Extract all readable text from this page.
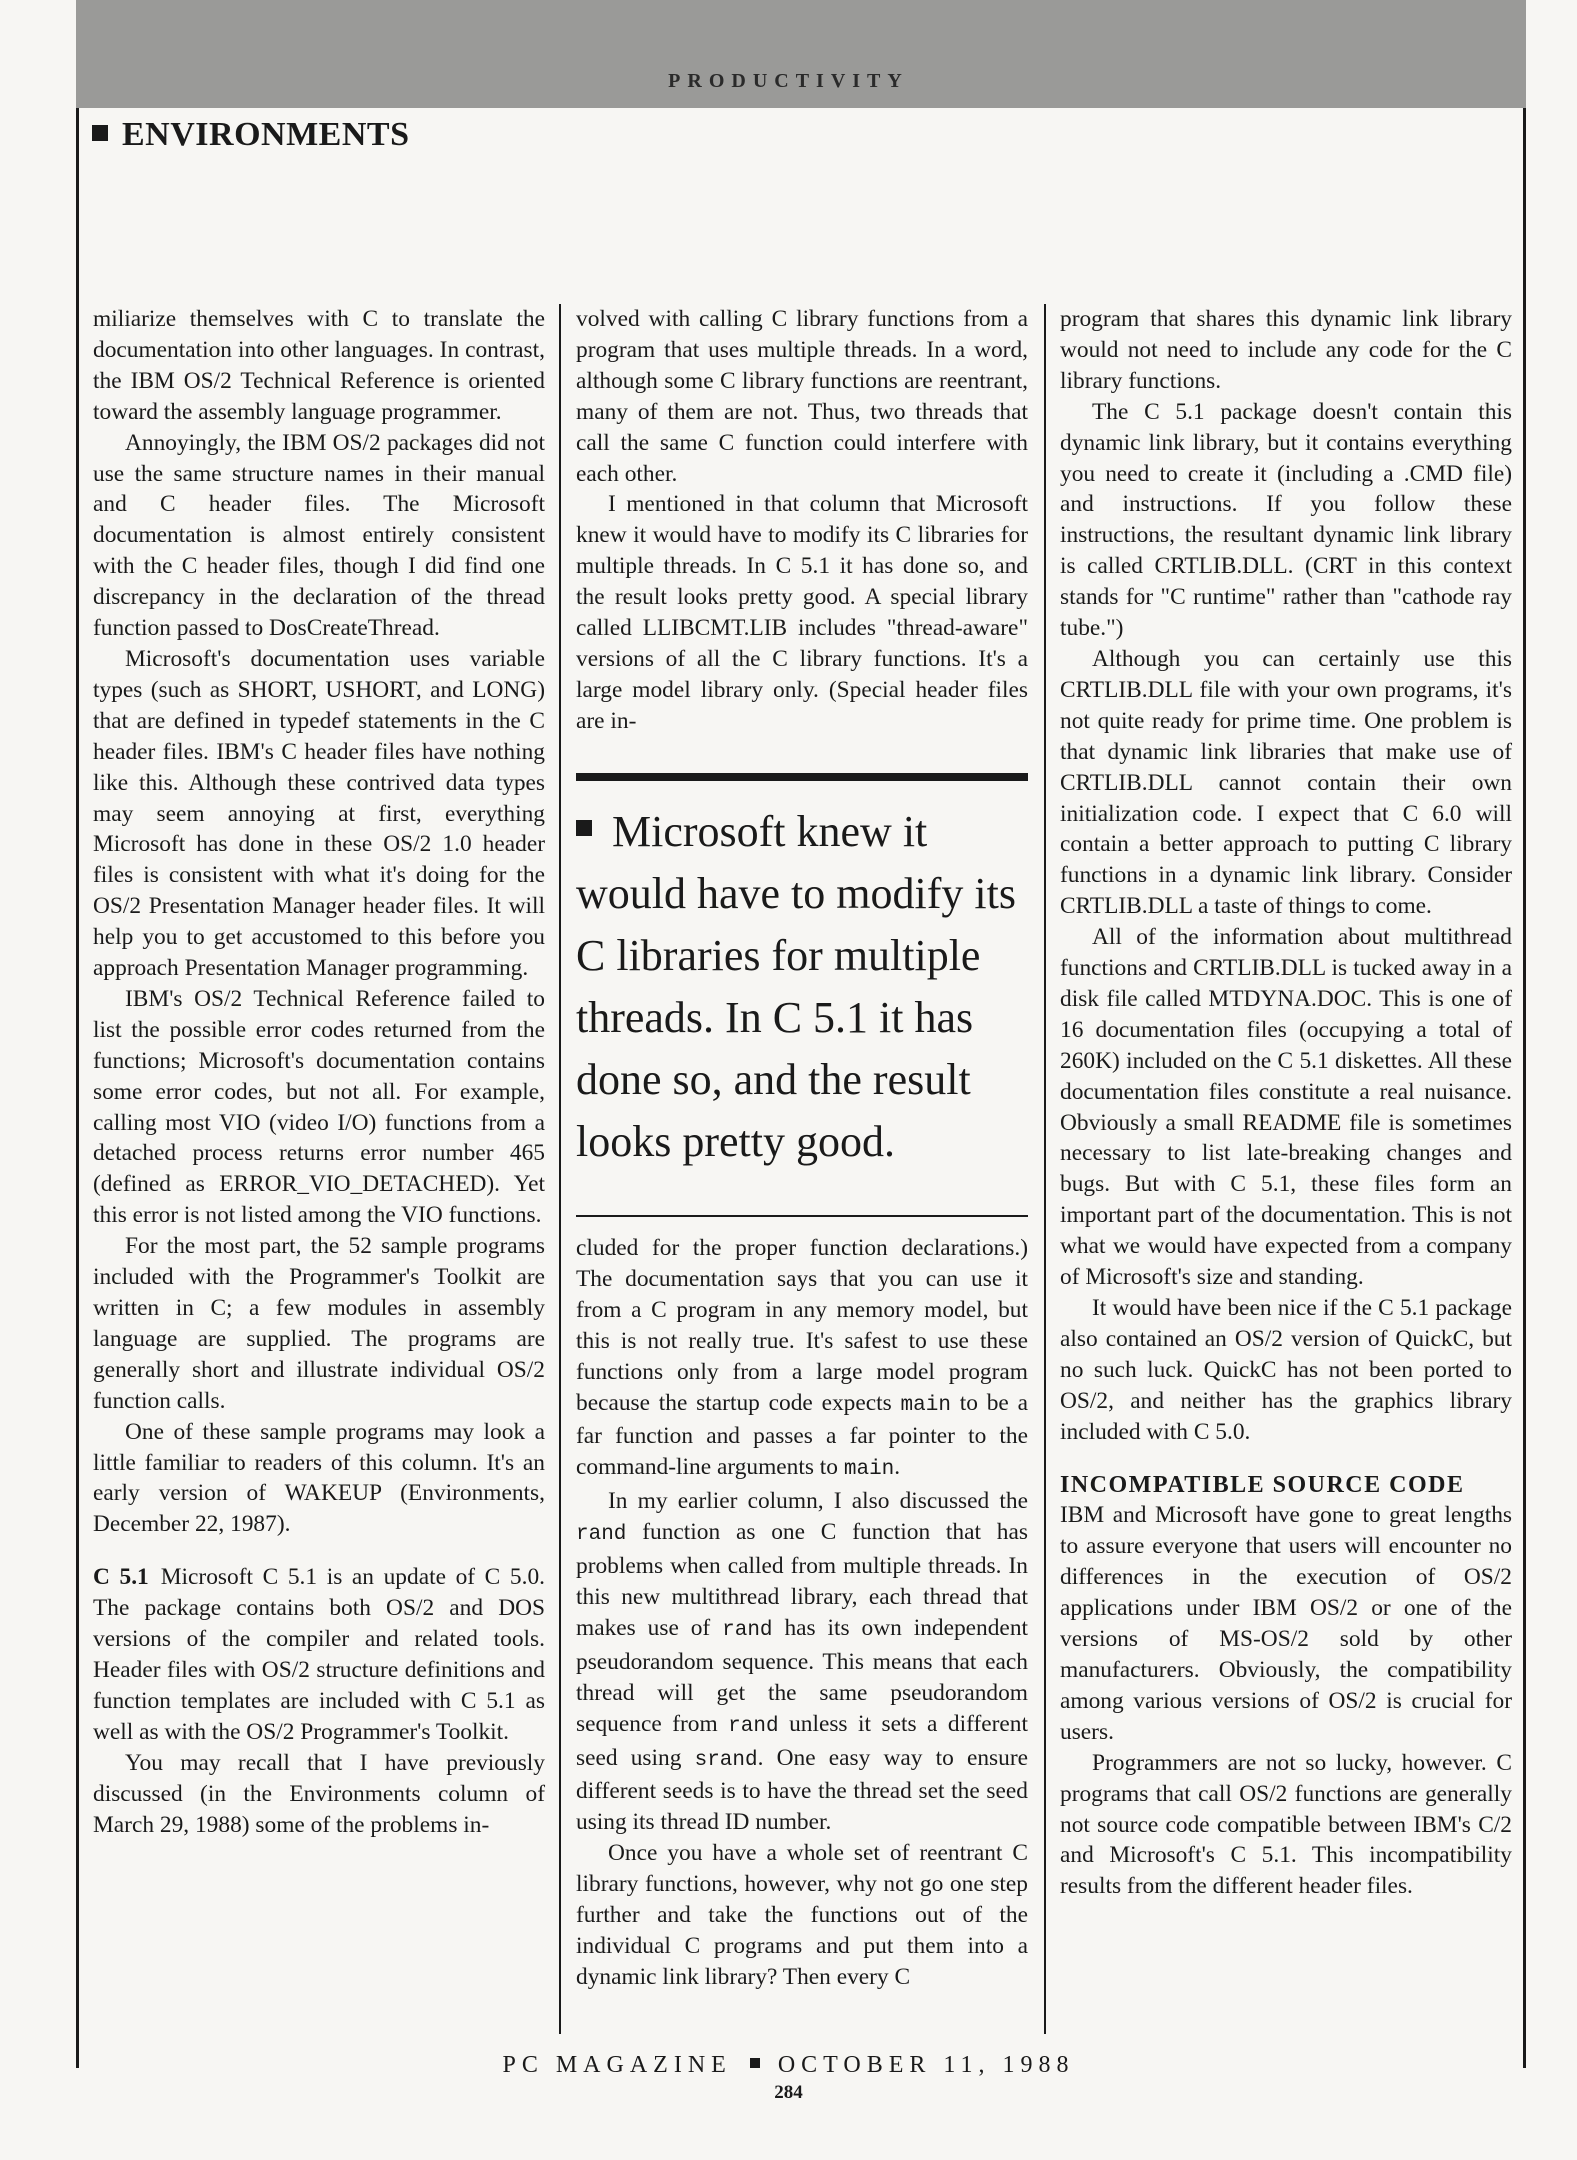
PRODUCTIVITY
ENVIRONMENTS

miliarize themselves with C to translate the documentation into other languages. In contrast, the IBM OS/2 Technical Reference is oriented toward the assembly language programmer.

Annoyingly, the IBM OS/2 packages did not use the same structure names in their manual and C header files. The Microsoft documentation is almost entirely consistent with the C header files, though I did find one discrepancy in the declaration of the thread function passed to DosCreateThread.

Microsoft's documentation uses variable types (such as SHORT, USHORT, and LONG) that are defined in typedef statements in the C header files. IBM's C header files have nothing like this. Although these contrived data types may seem annoying at first, everything Microsoft has done in these OS/2 1.0 header files is consistent with what it's doing for the OS/2 Presentation Manager header files. It will help you to get accustomed to this before you approach Presentation Manager programming.

IBM's OS/2 Technical Reference failed to list the possible error codes returned from the functions; Microsoft's documentation contains some error codes, but not all. For example, calling most VIO (video I/O) functions from a detached process returns error number 465 (defined as ERROR_VIO_DETACHED). Yet this error is not listed among the VIO functions.

For the most part, the 52 sample programs included with the Programmer's Toolkit are written in C; a few modules in assembly language are supplied. The programs are generally short and illustrate individual OS/2 function calls.

One of these sample programs may look a little familiar to readers of this column. It's an early version of WAKEUP (Environments, December 22, 1987).

C 5.1 Microsoft C 5.1 is an update of C 5.0. The package contains both OS/2 and DOS versions of the compiler and related tools. Header files with OS/2 structure definitions and function templates are included with C 5.1 as well as with the OS/2 Programmer's Toolkit.

You may recall that I have previously discussed (in the Environments column of March 29, 1988) some of the problems in-

volved with calling C library functions from a program that uses multiple threads. In a word, although some C library functions are reentrant, many of them are not. Thus, two threads that call the same C function could interfere with each other.

I mentioned in that column that Microsoft knew it would have to modify its C libraries for multiple threads. In C 5.1 it has done so, and the result looks pretty good. A special library called LLIBCMT.LIB includes "thread-aware" versions of all the C library functions. It's a large model library only. (Special header files are in-

Microsoft knew it would have to modify its C libraries for multiple threads. In C 5.1 it has done so, and the result looks pretty good.

cluded for the proper function declarations.) The documentation says that you can use it from a C program in any memory model, but this is not really true. It's safest to use these functions only from a large model program because the startup code expects main to be a far function and passes a far pointer to the command-line arguments to main.

In my earlier column, I also discussed the rand function as one C function that has problems when called from multiple threads. In this new multithread library, each thread that makes use of rand has its own independent pseudorandom sequence. This means that each thread will get the same pseudorandom sequence from rand unless it sets a different seed using srand. One easy way to ensure different seeds is to have the thread set the seed using its thread ID number.

Once you have a whole set of reentrant C library functions, however, why not go one step further and take the functions out of the individual C programs and put them into a dynamic link library? Then every C

program that shares this dynamic link library would not need to include any code for the C library functions.

The C 5.1 package doesn't contain this dynamic link library, but it contains everything you need to create it (including a .CMD file) and instructions. If you follow these instructions, the resultant dynamic link library is called CRTLIB.DLL. (CRT in this context stands for "C runtime" rather than "cathode ray tube.")

Although you can certainly use this CRTLIB.DLL file with your own programs, it's not quite ready for prime time. One problem is that dynamic link libraries that make use of CRTLIB.DLL cannot contain their own initialization code. I expect that C 6.0 will contain a better approach to putting C library functions in a dynamic link library. Consider CRTLIB.DLL a taste of things to come.

All of the information about multithread functions and CRTLIB.DLL is tucked away in a disk file called MTDYNA.DOC. This is one of 16 documentation files (occupying a total of 260K) included on the C 5.1 diskettes. All these documentation files constitute a real nuisance. Obviously a small README file is sometimes necessary to list late-breaking changes and bugs. But with C 5.1, these files form an important part of the documentation. This is not what we would have expected from a company of Microsoft's size and standing.

It would have been nice if the C 5.1 package also contained an OS/2 version of QuickC, but no such luck. QuickC has not been ported to OS/2, and neither has the graphics library included with C 5.0.

INCOMPATIBLE SOURCE CODE

IBM and Microsoft have gone to great lengths to assure everyone that users will encounter no differences in the execution of OS/2 applications under IBM OS/2 or one of the versions of MS-OS/2 sold by other manufacturers. Obviously, the compatibility among various versions of OS/2 is crucial for users.

Programmers are not so lucky, however. C programs that call OS/2 functions are generally not source code compatible between IBM's C/2 and Microsoft's C 5.1. This incompatibility results from the different header files.

PC MAGAZINE OCTOBER 11, 1988
284
